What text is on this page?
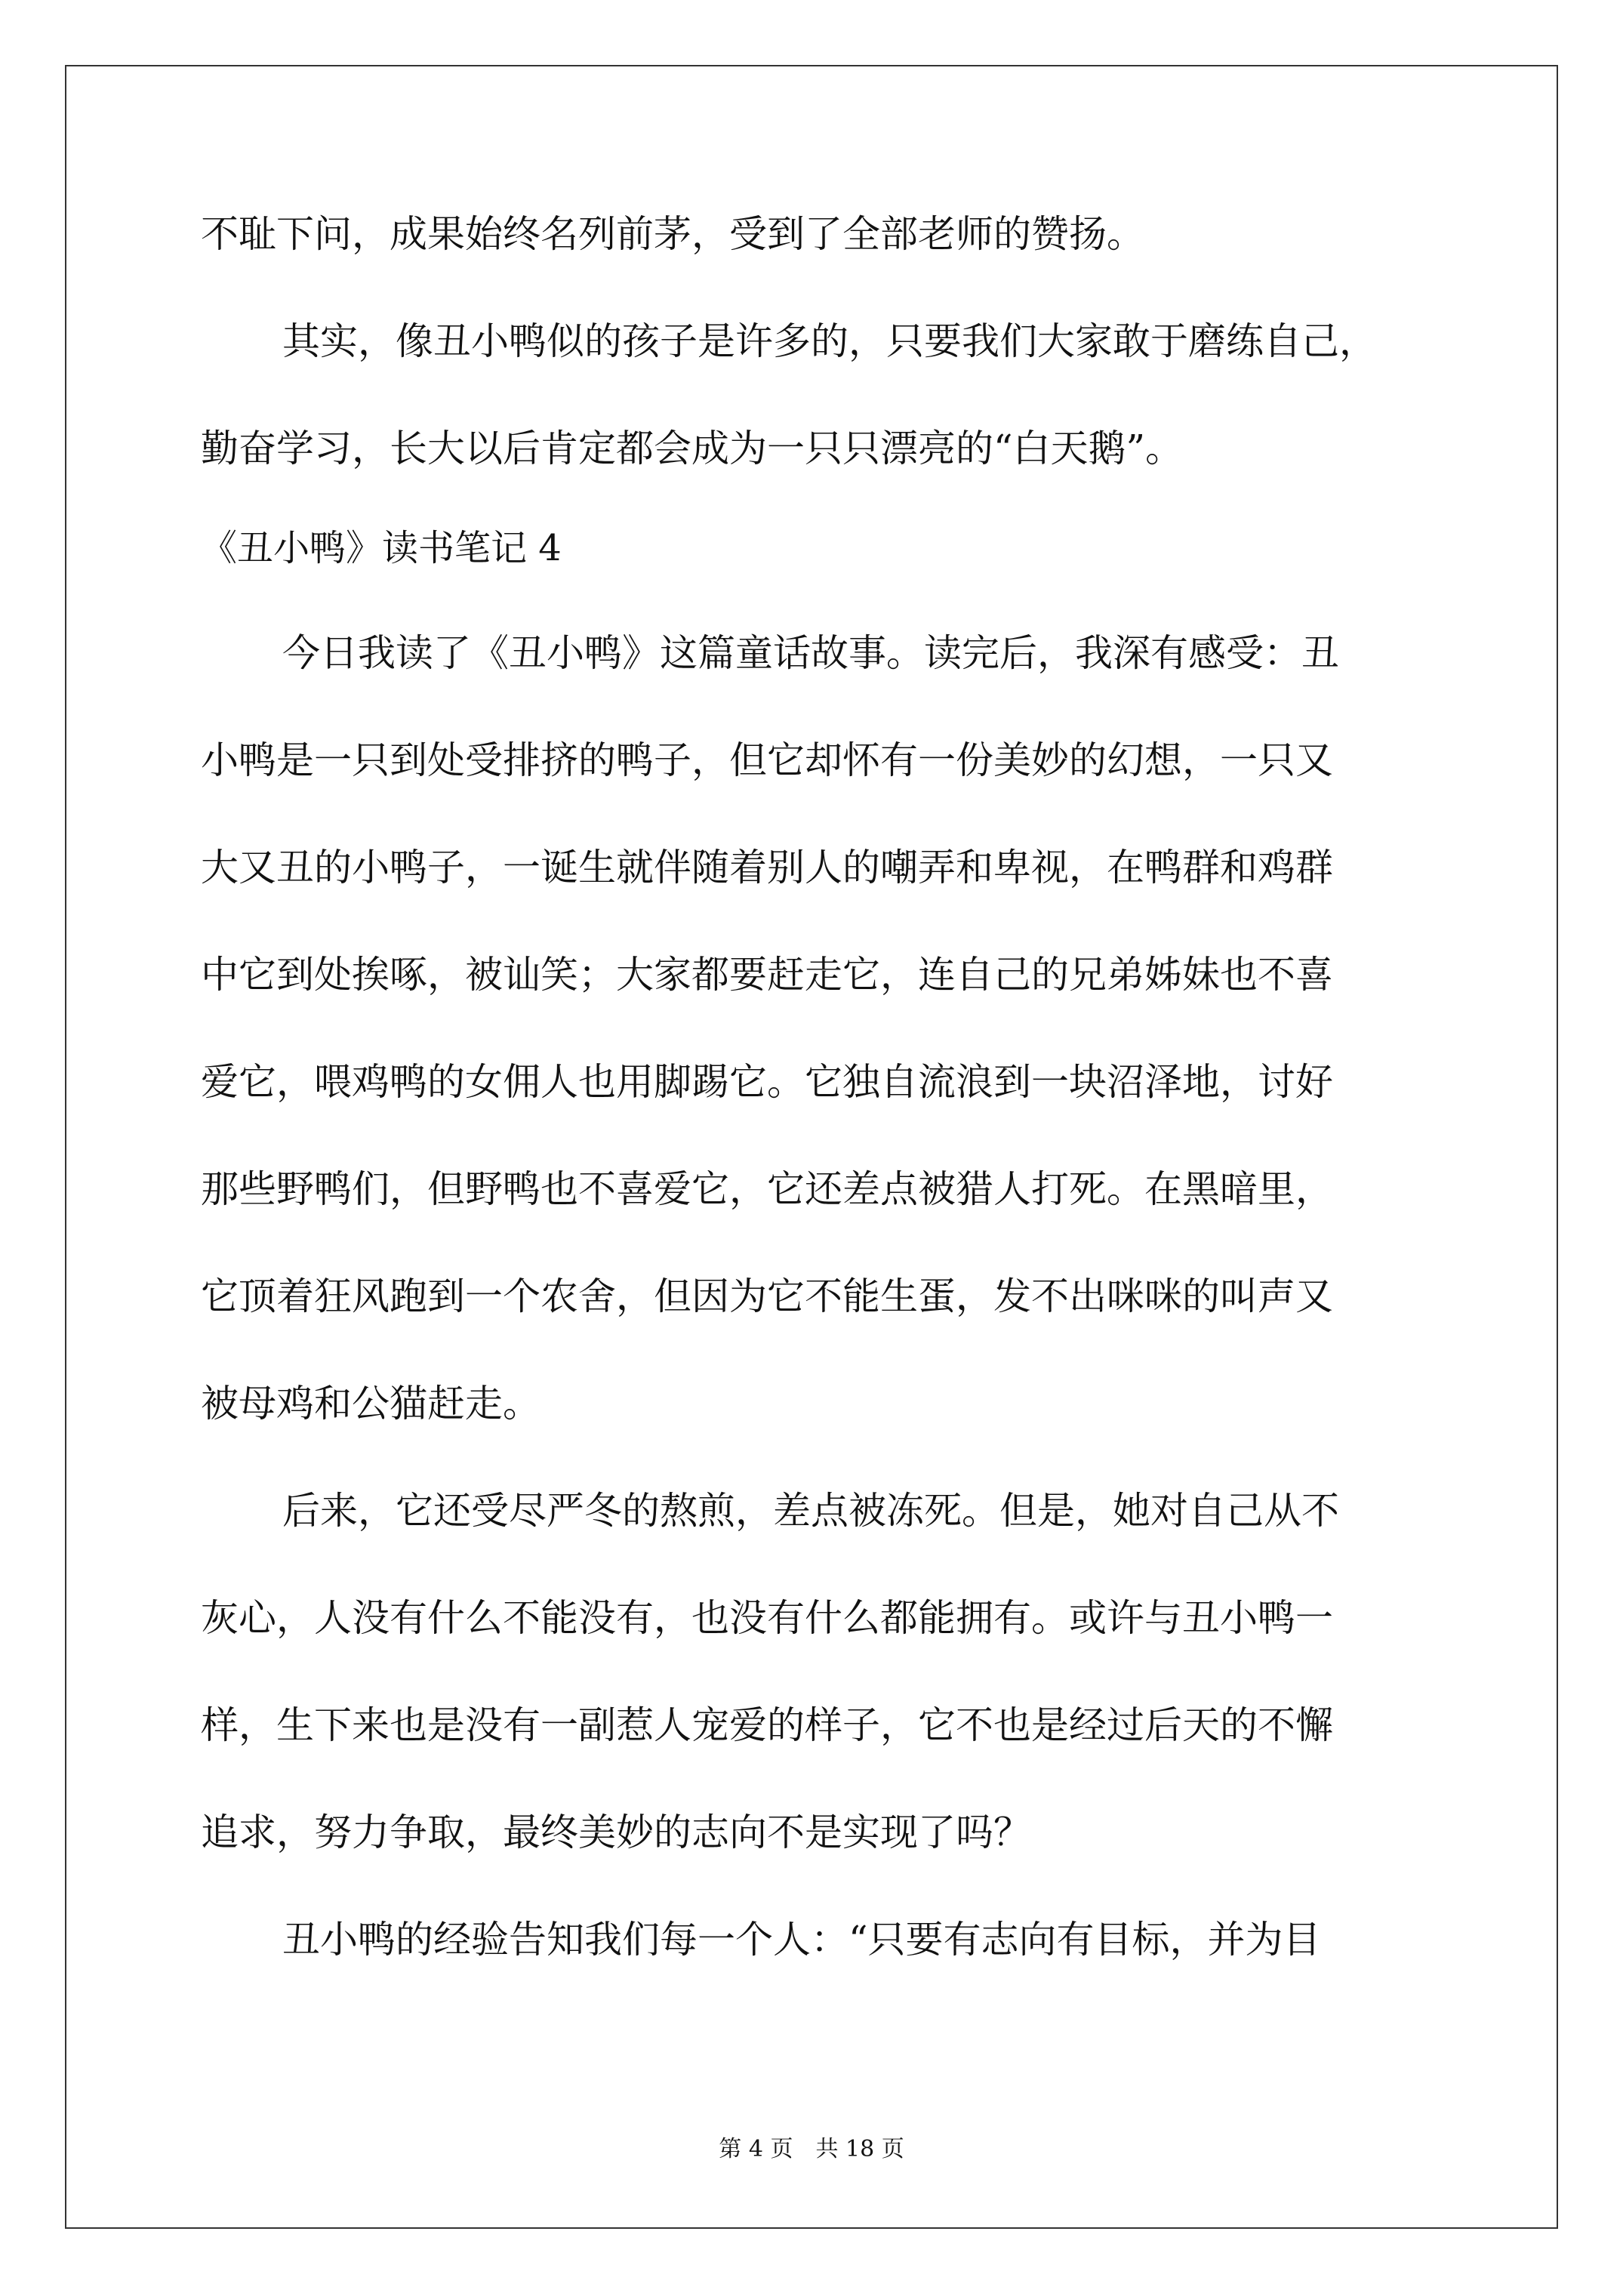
不耻下问，成果始终名列前茅，受到了全部老师的赞扬。
其实，像丑小鸭似的孩子是许多的，只要我们大家敢于磨练自己，
勤奋学习，长大以后肯定都会成为一只只漂亮的“白天鹅”。
《丑小鸭》读书笔记 4
今日我读了《丑小鸭》这篇童话故事。读完后，我深有感受：丑
小鸭是一只到处受排挤的鸭子，但它却怀有一份美妙的幻想，一只又
大又丑的小鸭子，一诞生就伴随着别人的嘲弄和卑视，在鸭群和鸡群
中它到处挨啄，被讪笑；大家都要赶走它，连自己的兄弟姊妹也不喜
爱它，喂鸡鸭的女佣人也用脚踢它。它独自流浪到一块沼泽地，讨好
那些野鸭们，但野鸭也不喜爱它，它还差点被猎人打死。在黑暗里，
它顶着狂风跑到一个农舍，但因为它不能生蛋，发不出咪咪的叫声又
被母鸡和公猫赶走。
后来，它还受尽严冬的熬煎，差点被冻死。但是，她对自己从不
灰心，人没有什么不能没有，也没有什么都能拥有。或许与丑小鸭一
样，生下来也是没有一副惹人宠爱的样子，它不也是经过后天的不懈
追求，努力争取，最终美妙的志向不是实现了吗？
丑小鸭的经验告知我们每一个人：“只要有志向有目标，并为目
第 4 页　共 18 页
